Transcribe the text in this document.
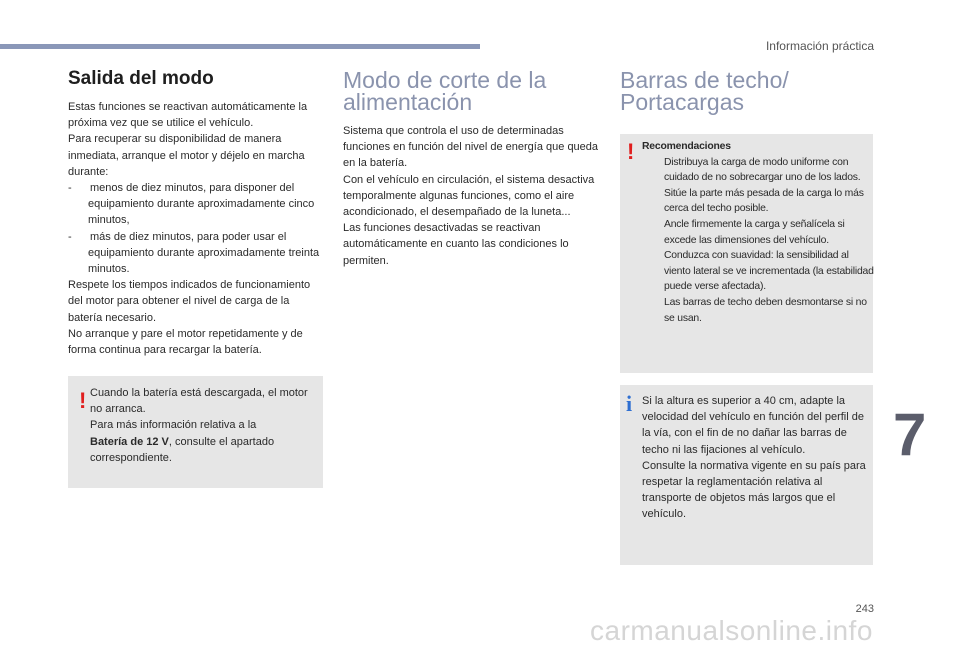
Información práctica
Salida del modo

Estas funciones se reactivan automáticamente la próxima vez que se utilice el vehículo.

Para recuperar su disponibilidad de manera inmediata, arranque el motor y déjelo en marcha durante:

- menos de diez minutos, para disponer del equipamiento durante aproximadamente cinco minutos,

- más de diez minutos, para poder usar el equipamiento durante aproximadamente treinta minutos.

Respete los tiempos indicados de funcionamiento del motor para obtener el nivel de carga de la batería necesario.

No arranque y pare el motor repetidamente y de forma continua para recargar la batería.

! Cuando la batería está descargada, el motor no arranca.

Para más información relativa a la
Batería de 12 V, consulte el apartado correspondiente.

Modo de corte de la alimentación

Sistema que controla el uso de determinadas funciones en función del nivel de energía que queda en la batería.

Con el vehículo en circulación, el sistema desactiva temporalmente algunas funciones, como el aire acondicionado, el desempañado de la luneta...

Las funciones desactivadas se reactivan automáticamente en cuanto las condiciones lo permiten.

Barras de techo/ Portacargas
! Recomendaciones

Distribuya la carga de modo uniforme con cuidado de no sobrecargar uno de los lados.

Sitúe la parte más pesada de la carga lo más cerca del techo posible.

Ancle firmemente la carga y señalícela si excede las dimensiones del vehículo.

Conduzca con suavidad: la sensibilidad al viento lateral se ve incrementada (la estabilidad puede verse afectada).

Las barras de techo deben desmontarse si no se usan.

i Si la altura es superior a 40 cm, adapte la velocidad del vehículo en función del perfil de la vía, con el fin de no dañar las barras de techo ni las fijaciones al vehículo.

Consulte la normativa vigente en su país para respetar la reglamentación relativa al transporte de objetos más largos que el vehículo.

7
243
carmanualsonline.info
